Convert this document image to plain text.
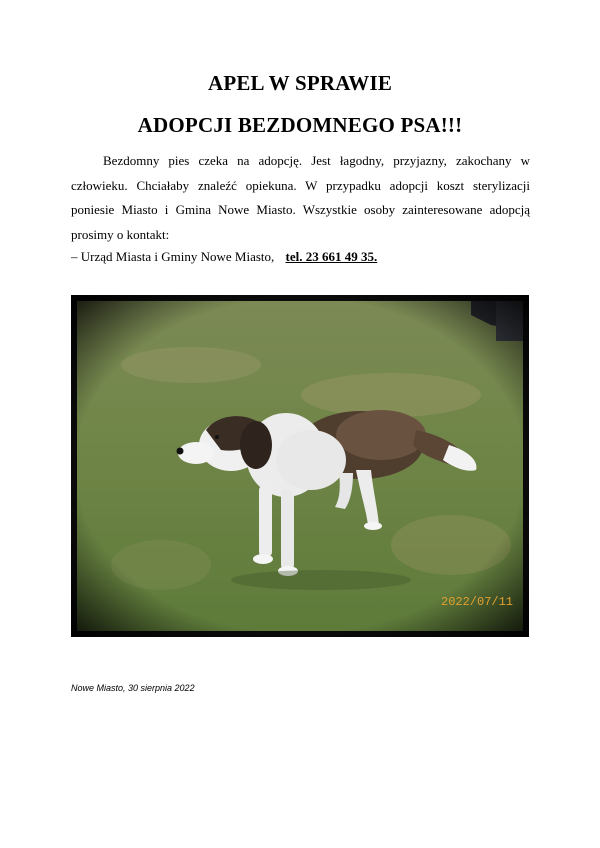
APEL W SPRAWIE
ADOPCJI BEZDOMNEGO PSA!!!
Bezdomny pies czeka na adopcję. Jest łagodny, przyjazny, zakochany w człowieku. Chciałaby znaleźć opiekuna. W przypadku adopcji koszt sterylizacji poniesie Miasto i Gmina Nowe Miasto. Wszystkie osoby zainteresowane adopcją prosimy o kontakt:
– Urząd Miasta i Gminy Nowe Miasto, tel. 23 661 49 35.
2022/07/11
Nowe Miasto, 30 sierpnia 2022
